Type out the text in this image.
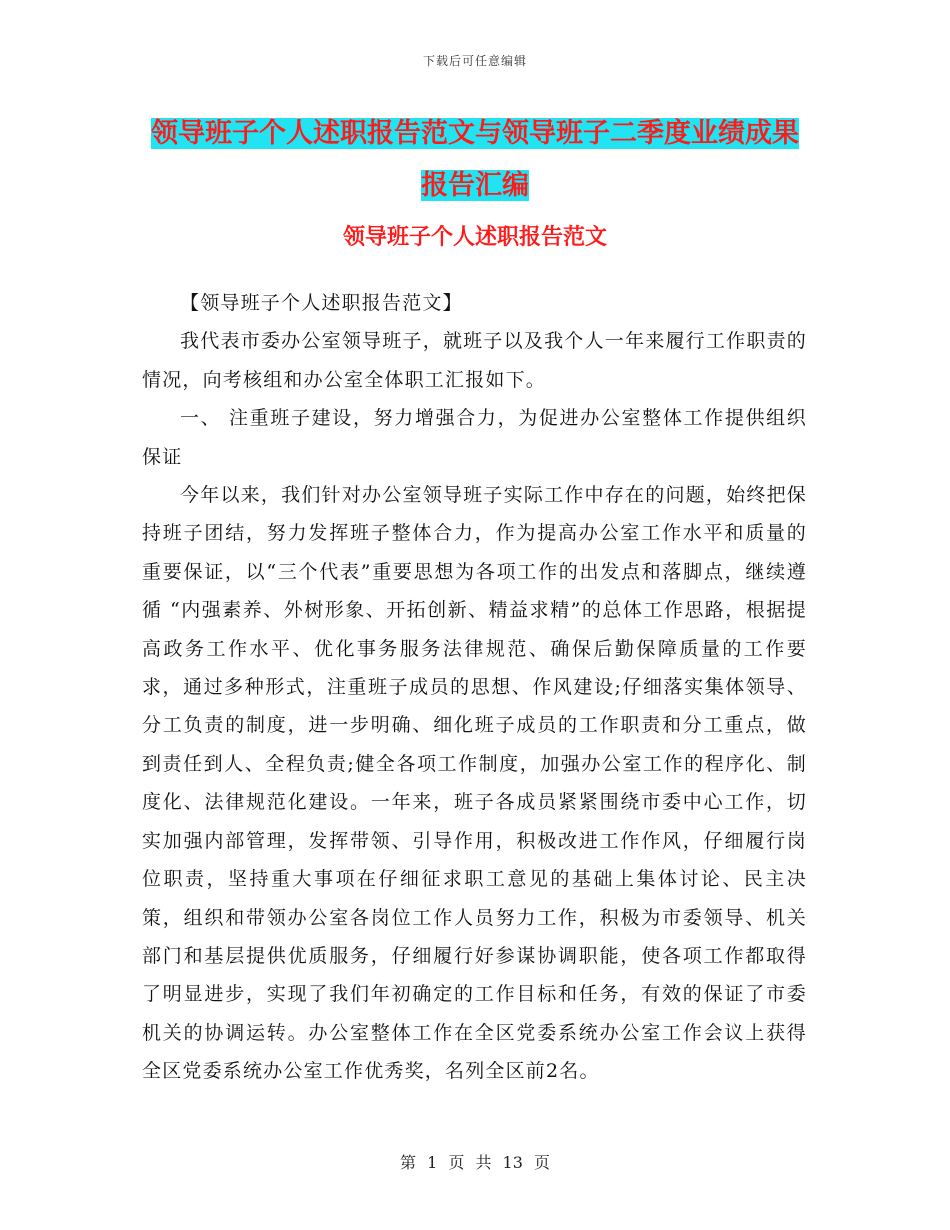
下载后可任意编辑
领导班子个人述职报告范文与领导班子二季度业绩成果报告汇编
领导班子个人述职报告范文

【领导班子个人述职报告范文】

我代表市委办公室领导班子，就班子以及我个人一年来履行工作职责的情况，向考核组和办公室全体职工汇报如下。

一、 注重班子建设，努力增强合力，为促进办公室整体工作提供组织保证

今年以来，我们针对办公室领导班子实际工作中存在的问题，始终把保持班子团结，努力发挥班子整体合力，作为提高办公室工作水平和质量的重要保证，以“三个代表”重要思想为各项工作的出发点和落脚点，继续遵循 “内强素养、外树形象、开拓创新、精益求精”的总体工作思路，根据提高政务工作水平、优化事务服务法律规范、确保后勤保障质量的工作要求，通过多种形式，注重班子成员的思想、作风建设;仔细落实集体领导、分工负责的制度，进一步明确、细化班子成员的工作职责和分工重点，做到责任到人、全程负责;健全各项工作制度，加强办公室工作的程序化、制度化、法律规范化建设。一年来，班子各成员紧紧围绕市委中心工作，切实加强内部管理，发挥带领、引导作用，积极改进工作作风，仔细履行岗位职责，坚持重大事项在仔细征求职工意见的基础上集体讨论、民主决策，组织和带领办公室各岗位工作人员努力工作，积极为市委领导、机关部门和基层提供优质服务，仔细履行好参谋协调职能，使各项工作都取得了明显进步，实现了我们年初确定的工作目标和任务，有效的保证了市委机关的协调运转。办公室整体工作在全区党委系统办公室工作会议上获得全区党委系统办公室工作优秀奖，名列全区前2名。

第 1 页 共 13 页
